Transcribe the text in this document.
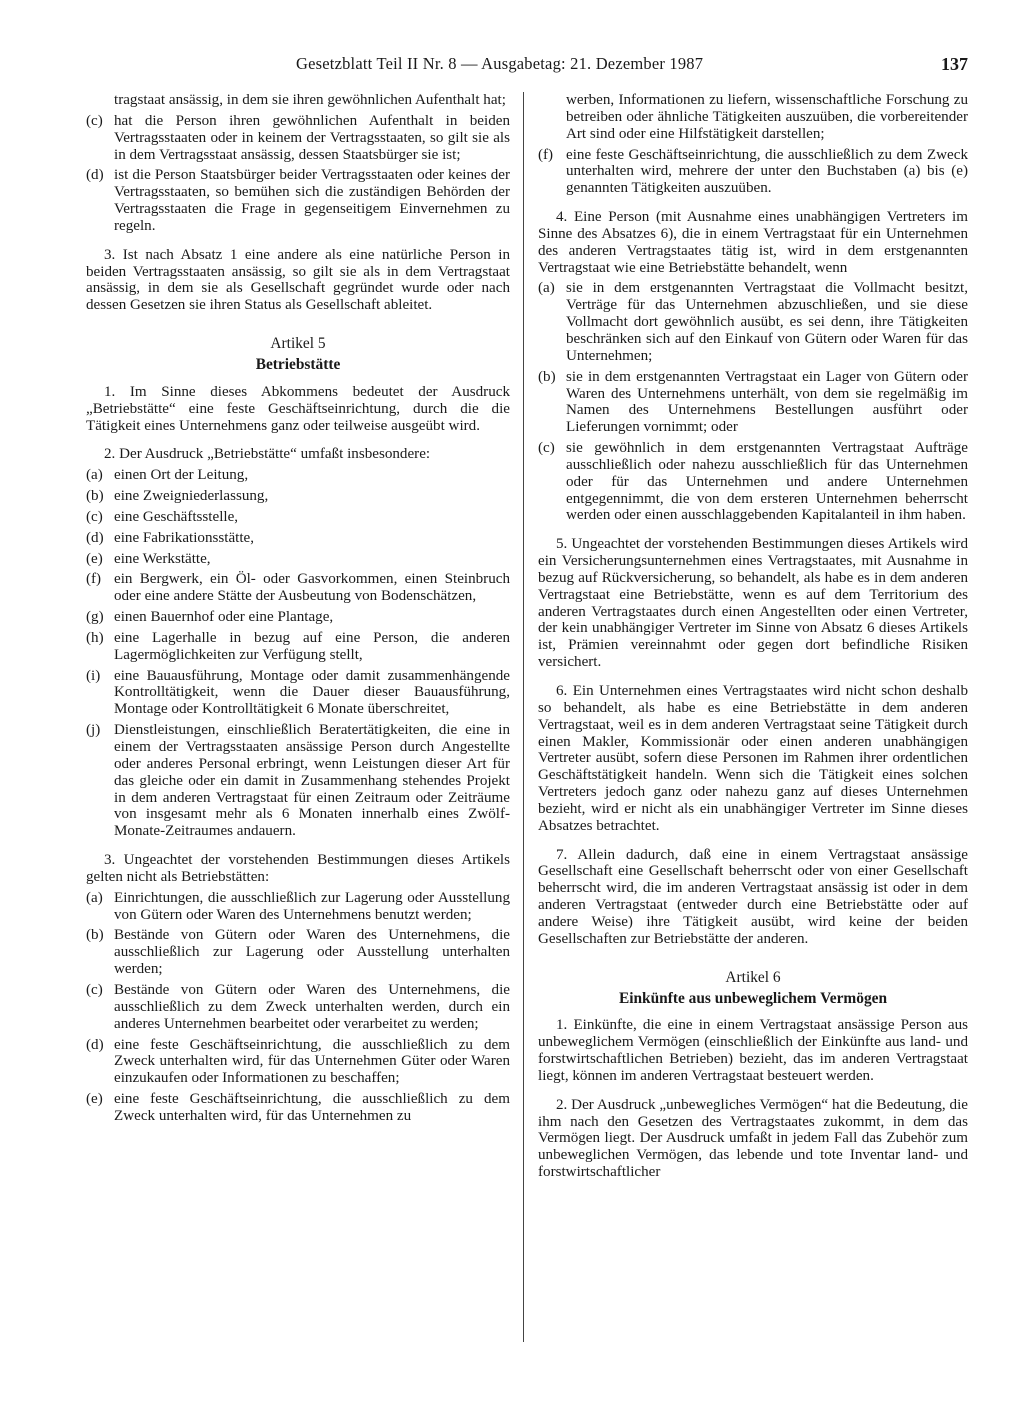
Gesetzblatt Teil II Nr. 8 — Ausgabetag: 21. Dezember 1987	137
tragstaat ansässig, in dem sie ihren gewöhnlichen Aufenthalt hat;
(c) hat die Person ihren gewöhnlichen Aufenthalt in beiden Vertragsstaaten oder in keinem der Vertragsstaaten, so gilt sie als in dem Vertragsstaat ansässig, dessen Staatsbürger sie ist;
(d) ist die Person Staatsbürger beider Vertragsstaaten oder keines der Vertragsstaaten, so bemühen sich die zuständigen Behörden der Vertragsstaaten die Frage in gegenseitigem Einvernehmen zu regeln.

3. Ist nach Absatz 1 eine andere als eine natürliche Person in beiden Vertragsstaaten ansässig, so gilt sie als in dem Vertragstaat ansässig, in dem sie als Gesellschaft gegründet wurde oder nach dessen Gesetzen sie ihren Status als Gesellschaft ableitet.

Artikel 5
Betriebstätte

1. Im Sinne dieses Abkommens bedeutet der Ausdruck „Betriebstätte“ eine feste Geschäftseinrichtung, durch die die Tätigkeit eines Unternehmens ganz oder teilweise ausgeübt wird.

2. Der Ausdruck „Betriebstätte“ umfaßt insbesondere:

(a) einen Ort der Leitung,
(b) eine Zweigniederlassung,
(c) eine Geschäftsstelle,
(d) eine Fabrikationsstätte,
(e) eine Werkstätte,
(f) ein Bergwerk, ein Öl- oder Gasvorkommen, einen Steinbruch oder eine andere Stätte der Ausbeutung von Bodenschätzen,
(g) einen Bauernhof oder eine Plantage,
(h) eine Lagerhalle in bezug auf eine Person, die anderen Lagermöglichkeiten zur Verfügung stellt,
(i) eine Bauausführung, Montage oder damit zusammenhängende Kontrolltätigkeit, wenn die Dauer dieser Bauausführung, Montage oder Kontrolltätigkeit 6 Monate überschreitet,
(j) Dienstleistungen, einschließlich Beratertätigkeiten, die eine in einem der Vertragsstaaten ansässige Person durch Angestellte oder anderes Personal erbringt, wenn Leistungen dieser Art für das gleiche oder ein damit in Zusammenhang stehendes Projekt in dem anderen Vertragstaat für einen Zeitraum oder Zeiträume von insgesamt mehr als 6 Monaten innerhalb eines Zwölf-Monate-Zeitraumes andauern.

3. Ungeachtet der vorstehenden Bestimmungen dieses Artikels gelten nicht als Betriebstätten:

(a) Einrichtungen, die ausschließlich zur Lagerung oder Ausstellung von Gütern oder Waren des Unternehmens benutzt werden;
(b) Bestände von Gütern oder Waren des Unternehmens, die ausschließlich zur Lagerung oder Ausstellung unterhalten werden;
(c) Bestände von Gütern oder Waren des Unternehmens, die ausschließlich zu dem Zweck unterhalten werden, durch ein anderes Unternehmen bearbeitet oder verarbeitet zu werden;
(d) eine feste Geschäftseinrichtung, die ausschließlich zu dem Zweck unterhalten wird, für das Unternehmen Güter oder Waren einzukaufen oder Informationen zu beschaffen;
(e) eine feste Geschäftseinrichtung, die ausschließlich zu dem Zweck unterhalten wird, für das Unternehmen zu
werben, Informationen zu liefern, wissenschaftliche Forschung zu betreiben oder ähnliche Tätigkeiten auszuüben, die vorbereitender Art sind oder eine Hilfstätigkeit darstellen;
(f) eine feste Geschäftseinrichtung, die ausschließlich zu dem Zweck unterhalten wird, mehrere der unter den Buchstaben (a) bis (e) genannten Tätigkeiten auszuüben.

4. Eine Person (mit Ausnahme eines unabhängigen Vertreters im Sinne des Absatzes 6), die in einem Vertragstaat für ein Unternehmen des anderen Vertragstaates tätig ist, wird in dem erstgenannten Vertragstaat wie eine Betriebstätte behandelt, wenn

(a) sie in dem erstgenannten Vertragstaat die Vollmacht besitzt, Verträge für das Unternehmen abzuschließen, und sie diese Vollmacht dort gewöhnlich ausübt, es sei denn, ihre Tätigkeiten beschränken sich auf den Einkauf von Gütern oder Waren für das Unternehmen;
(b) sie in dem erstgenannten Vertragstaat ein Lager von Gütern oder Waren des Unternehmens unterhält, von dem sie regelmäßig im Namen des Unternehmens Bestellungen ausführt oder Lieferungen vornimmt; oder
(c) sie gewöhnlich in dem erstgenannten Vertragstaat Aufträge ausschließlich oder nahezu ausschließlich für das Unternehmen oder für das Unternehmen und andere Unternehmen entgegennimmt, die von dem ersteren Unternehmen beherrscht werden oder einen ausschlaggebenden Kapitalanteil in ihm haben.

5. Ungeachtet der vorstehenden Bestimmungen dieses Artikels wird ein Versicherungsunternehmen eines Vertragstaates, mit Ausnahme in bezug auf Rückversicherung, so behandelt, als habe es in dem anderen Vertragstaat eine Betriebstätte, wenn es auf dem Territorium des anderen Vertragstaates durch einen Angestellten oder einen Vertreter, der kein unabhängiger Vertreter im Sinne von Absatz 6 dieses Artikels ist, Prämien vereinnahmt oder gegen dort befindliche Risiken versichert.

6. Ein Unternehmen eines Vertragstaates wird nicht schon deshalb so behandelt, als habe es eine Betriebstätte in dem anderen Vertragstaat, weil es in dem anderen Vertragstaat seine Tätigkeit durch einen Makler, Kommissionär oder einen anderen unabhängigen Vertreter ausübt, sofern diese Personen im Rahmen ihrer ordentlichen Geschäftstätigkeit handeln. Wenn sich die Tätigkeit eines solchen Vertreters jedoch ganz oder nahezu ganz auf dieses Unternehmen bezieht, wird er nicht als ein unabhängiger Vertreter im Sinne dieses Absatzes betrachtet.

7. Allein dadurch, daß eine in einem Vertragstaat ansässige Gesellschaft eine Gesellschaft beherrscht oder von einer Gesellschaft beherrscht wird, die im anderen Vertragstaat ansässig ist oder in dem anderen Vertragstaat (entweder durch eine Betriebstätte oder auf andere Weise) ihre Tätigkeit ausübt, wird keine der beiden Gesellschaften zur Betriebstätte der anderen.

Artikel 6
Einkünfte aus unbeweglichem Vermögen

1. Einkünfte, die eine in einem Vertragstaat ansässige Person aus unbeweglichem Vermögen (einschließlich der Einkünfte aus land- und forstwirtschaftlichen Betrieben) bezieht, das im anderen Vertragstaat liegt, können im anderen Vertragstaat besteuert werden.

2. Der Ausdruck „unbewegliches Vermögen“ hat die Bedeutung, die ihm nach den Gesetzen des Vertragstaates zukommt, in dem das Vermögen liegt. Der Ausdruck umfaßt in jedem Fall das Zubehör zum unbeweglichen Vermögen, das lebende und tote Inventar land- und forstwirtschaftlicher
